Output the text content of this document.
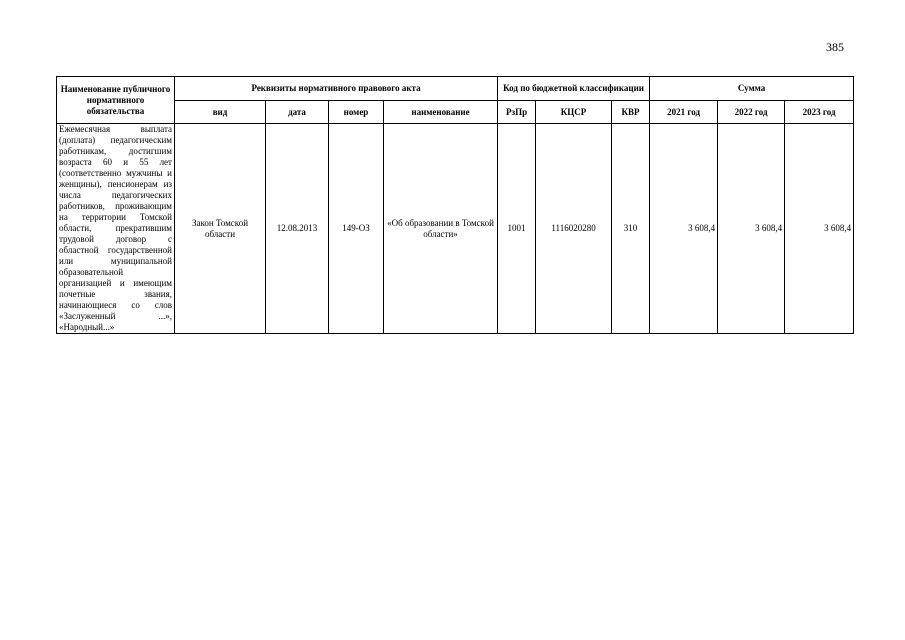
385
Наименование публичного нормативного обязательства	Реквизиты нормативного правового акта				Код по бюджетной классификации			Сумма		
	вид	дата	номер	наименование	РзПр	КЦСР	КВР	2021 год	2022 год	2023 год
Ежемесячная выплата (доплата) педагогическим работникам, достигшим возраста 60 и 55 лет (соответственно мужчины и женщины), пенсионерам из числа педагогических работников, проживающим на территории Томской области, прекратившим трудовой договор с областной государственной или муниципальной образовательной организацией и имеющим почетные звания, начинающиеся со слов «Заслуженный ...», «Народный...»	Закон Томской области	12.08.2013	149-ОЗ	«Об образовании в Томской области»	1001	1116020280	310	3 608,4	3 608,4	3 608,4
